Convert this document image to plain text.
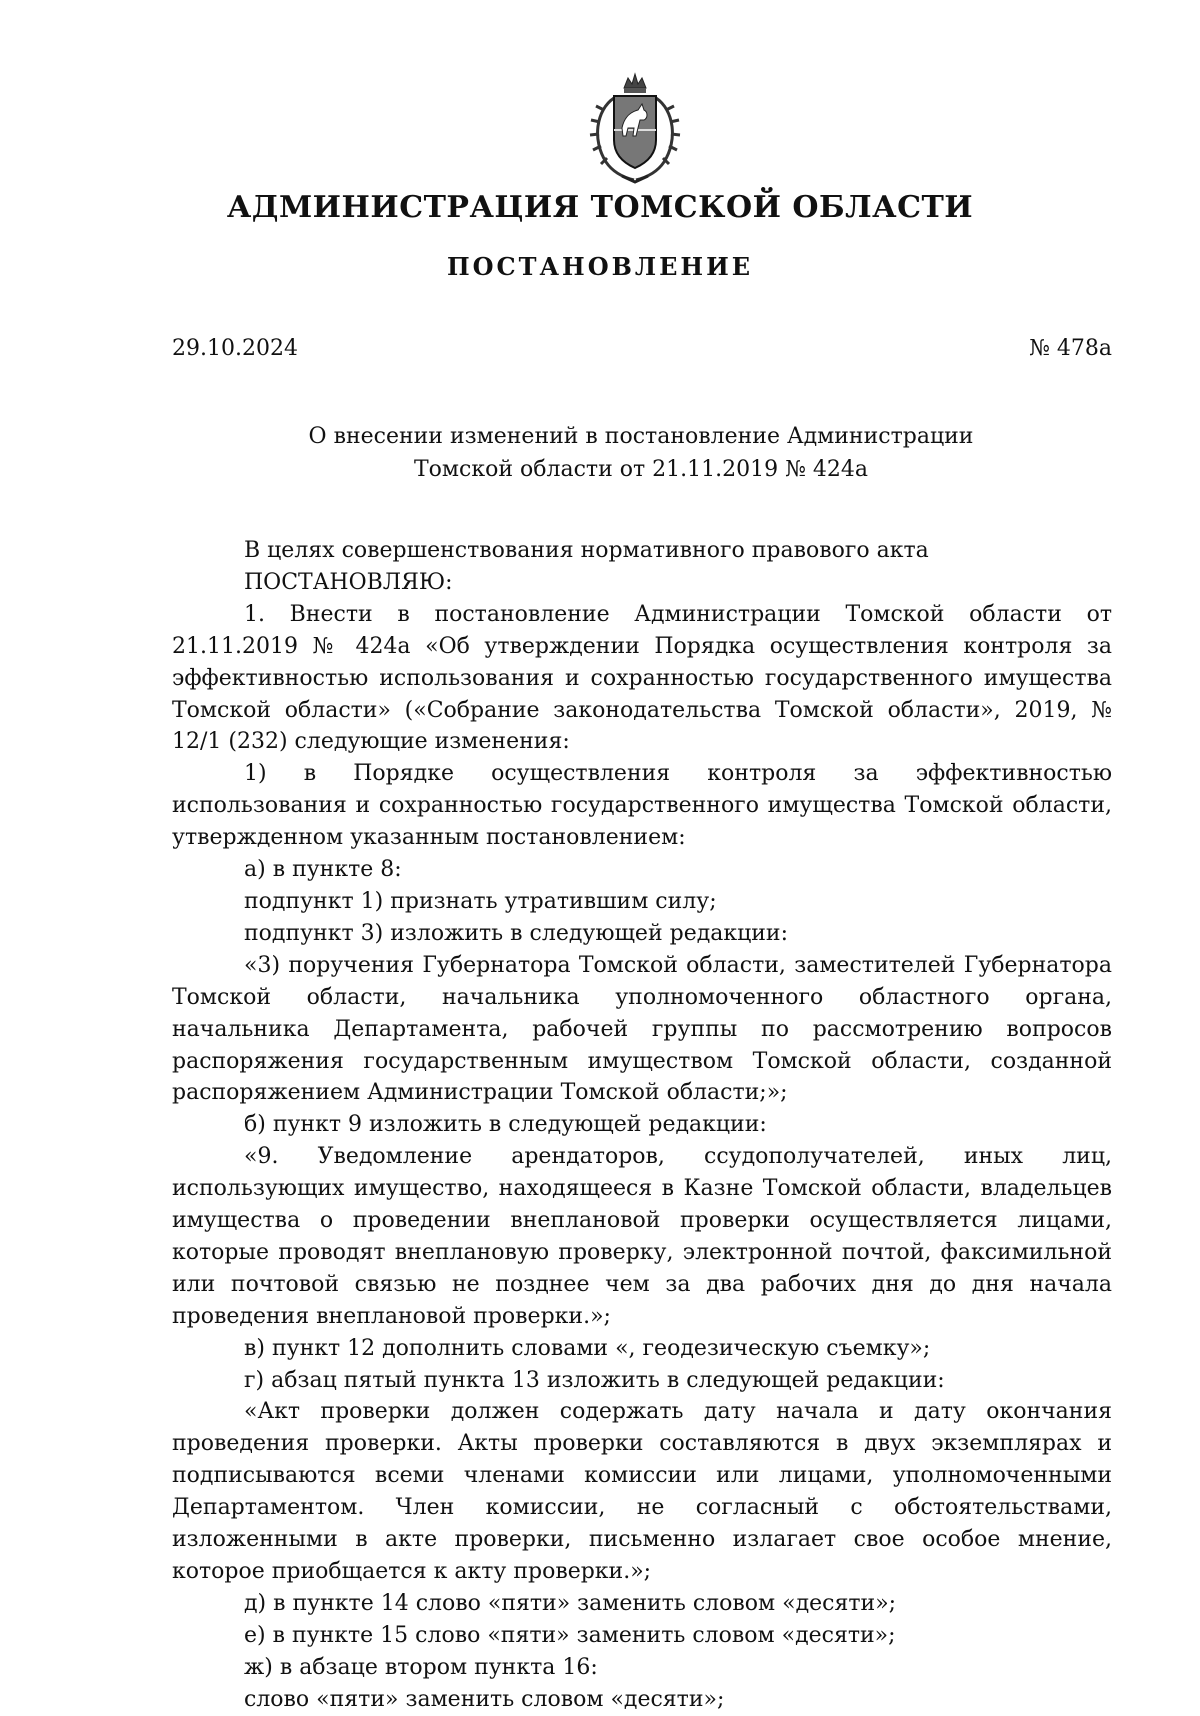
АДМИНИСТРАЦИЯ ТОМСКОЙ ОБЛАСТИ
ПОСТАНОВЛЕНИЕ
29.10.2024	№ 478а
О внесении изменений в постановление Администрации
Томской области от 21.11.2019 № 424а

В целях совершенствования нормативного правового акта

ПОСТАНОВЛЯЮ:

1. Внести в постановление Администрации Томской области от 21.11.2019 № 424а «Об утверждении Порядка осуществления контроля за эффективностью использования и сохранностью государственного имущества Томской области» («Собрание законодательства Томской области», 2019, № 12/1 (232) следующие изменения:

1) в Порядке осуществления контроля за эффективностью использования и сохранностью государственного имущества Томской области, утвержденном указанным постановлением:

а) в пункте 8:

подпункт 1) признать утратившим силу;

подпункт 3) изложить в следующей редакции:

«3) поручения Губернатора Томской области, заместителей Губернатора Томской области, начальника уполномоченного областного органа, начальника Департамента, рабочей группы по рассмотрению вопросов распоряжения государственным имуществом Томской области, созданной распоряжением Администрации Томской области;»;

б) пункт 9 изложить в следующей редакции:

«9. Уведомление арендаторов, ссудополучателей, иных лиц, использующих имущество, находящееся в Казне Томской области, владельцев имущества о проведении внеплановой проверки осуществляется лицами, которые проводят внеплановую проверку, электронной почтой, факсимильной или почтовой связью не позднее чем за два рабочих дня до дня начала проведения внеплановой проверки.»;

в) пункт 12 дополнить словами «, геодезическую съемку»;

г) абзац пятый пункта 13 изложить в следующей редакции:

«Акт проверки должен содержать дату начала и дату окончания проведения проверки. Акты проверки составляются в двух экземплярах и подписываются всеми членами комиссии или лицами, уполномоченными Департаментом. Член комиссии, не согласный с обстоятельствами, изложенными в акте проверки, письменно излагает свое особое мнение, которое приобщается к акту проверки.»;

д) в пункте 14 слово «пяти» заменить словом «десяти»;

е) в пункте 15 слово «пяти» заменить словом «десяти»;

ж) в абзаце втором пункта 16:

слово «пяти» заменить словом «десяти»;
